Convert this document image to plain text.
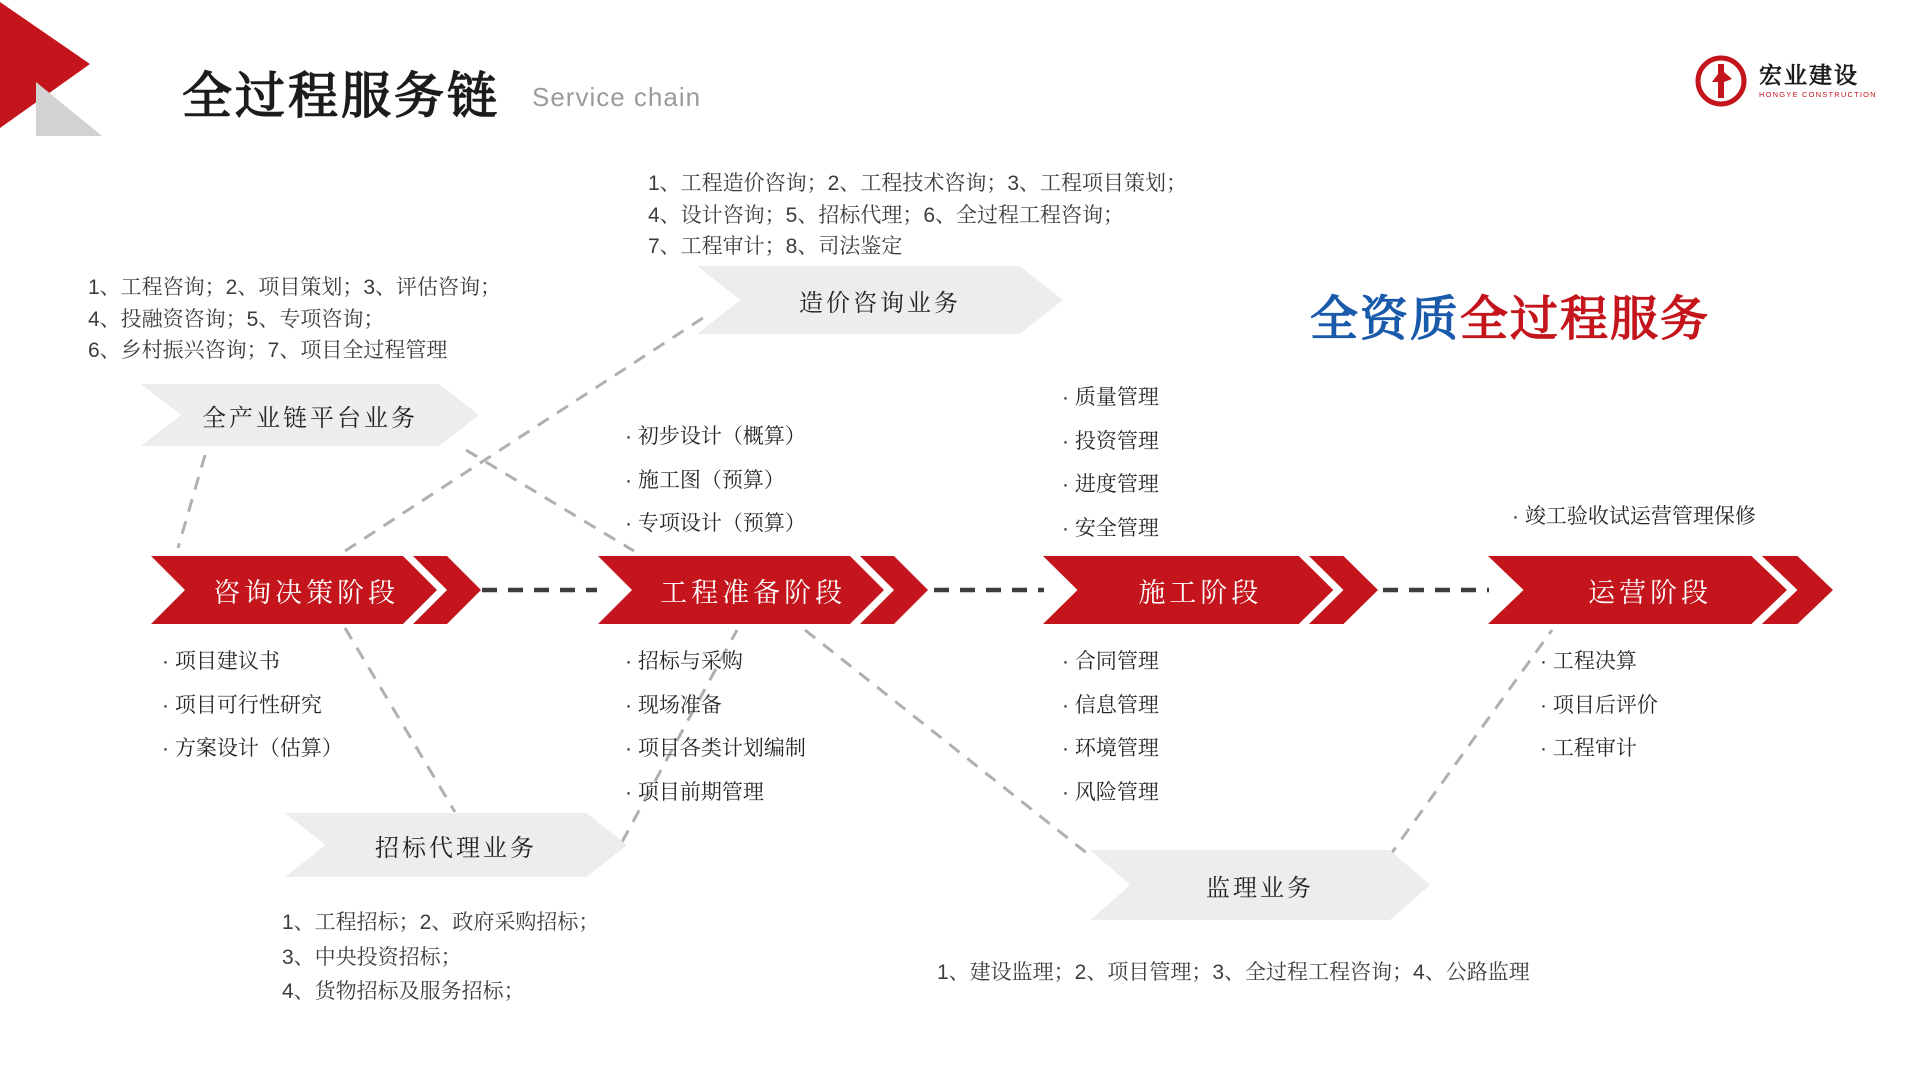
全过程服务链 Service chain
宏业建设
HONGYE CONSTRUCTION
全资质全过程服务
全产业链平台业务
造价咨询业务
招标代理业务
监理业务
咨询决策阶段	工程准备阶段	施工阶段	运营阶段
1、工程造价咨询；2、工程技术咨询；3、工程项目策划；
4、设计咨询；5、招标代理；6、全过程工程咨询；
7、工程审计；8、司法鉴定
1、工程咨询；2、项目策划；3、评估咨询；
4、投融资咨询；5、专项咨询；
6、乡村振兴咨询；7、项目全过程管理
1、工程招标；2、政府采购招标；
3、中央投资招标；
4、货物招标及服务招标；
1、建设监理；2、项目管理；3、全过程工程咨询；4、公路监理
· 项目建议书
· 项目可行性研究
· 方案设计（估算）
· 初步设计（概算）
· 施工图（预算）
· 专项设计（预算）
· 招标与采购
· 现场准备
· 项目各类计划编制
· 项目前期管理
· 质量管理
· 投资管理
· 进度管理
· 安全管理
· 合同管理
· 信息管理
· 环境管理
· 风险管理
· 竣工验收试运营管理保修
· 工程决算
· 项目后评价
· 工程审计
